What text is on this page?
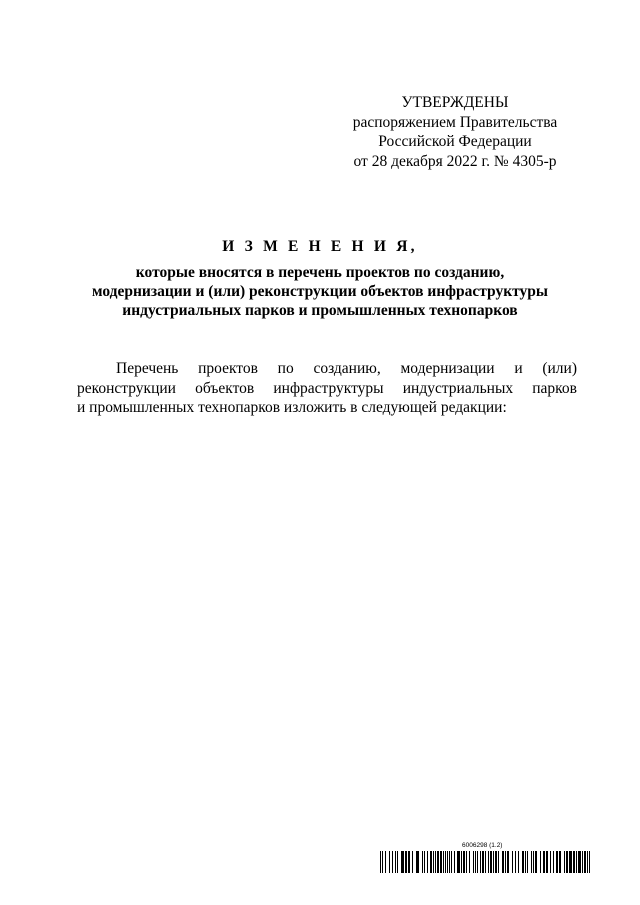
УТВЕРЖДЕНЫ
распоряжением Правительства
Российской Федерации
от 28 декабря 2022 г. № 4305-р
И З М Е Н Е Н И Я,
которые вносятся в перечень проектов по созданию,
модернизации и (или) реконструкции объектов инфраструктуры
индустриальных парков и промышленных технопарков
Перечень проектов по созданию, модернизации и (или)
реконструкции объектов инфраструктуры индустриальных парков
и промышленных технопарков изложить в следующей редакции:
6006298 (1.2)
